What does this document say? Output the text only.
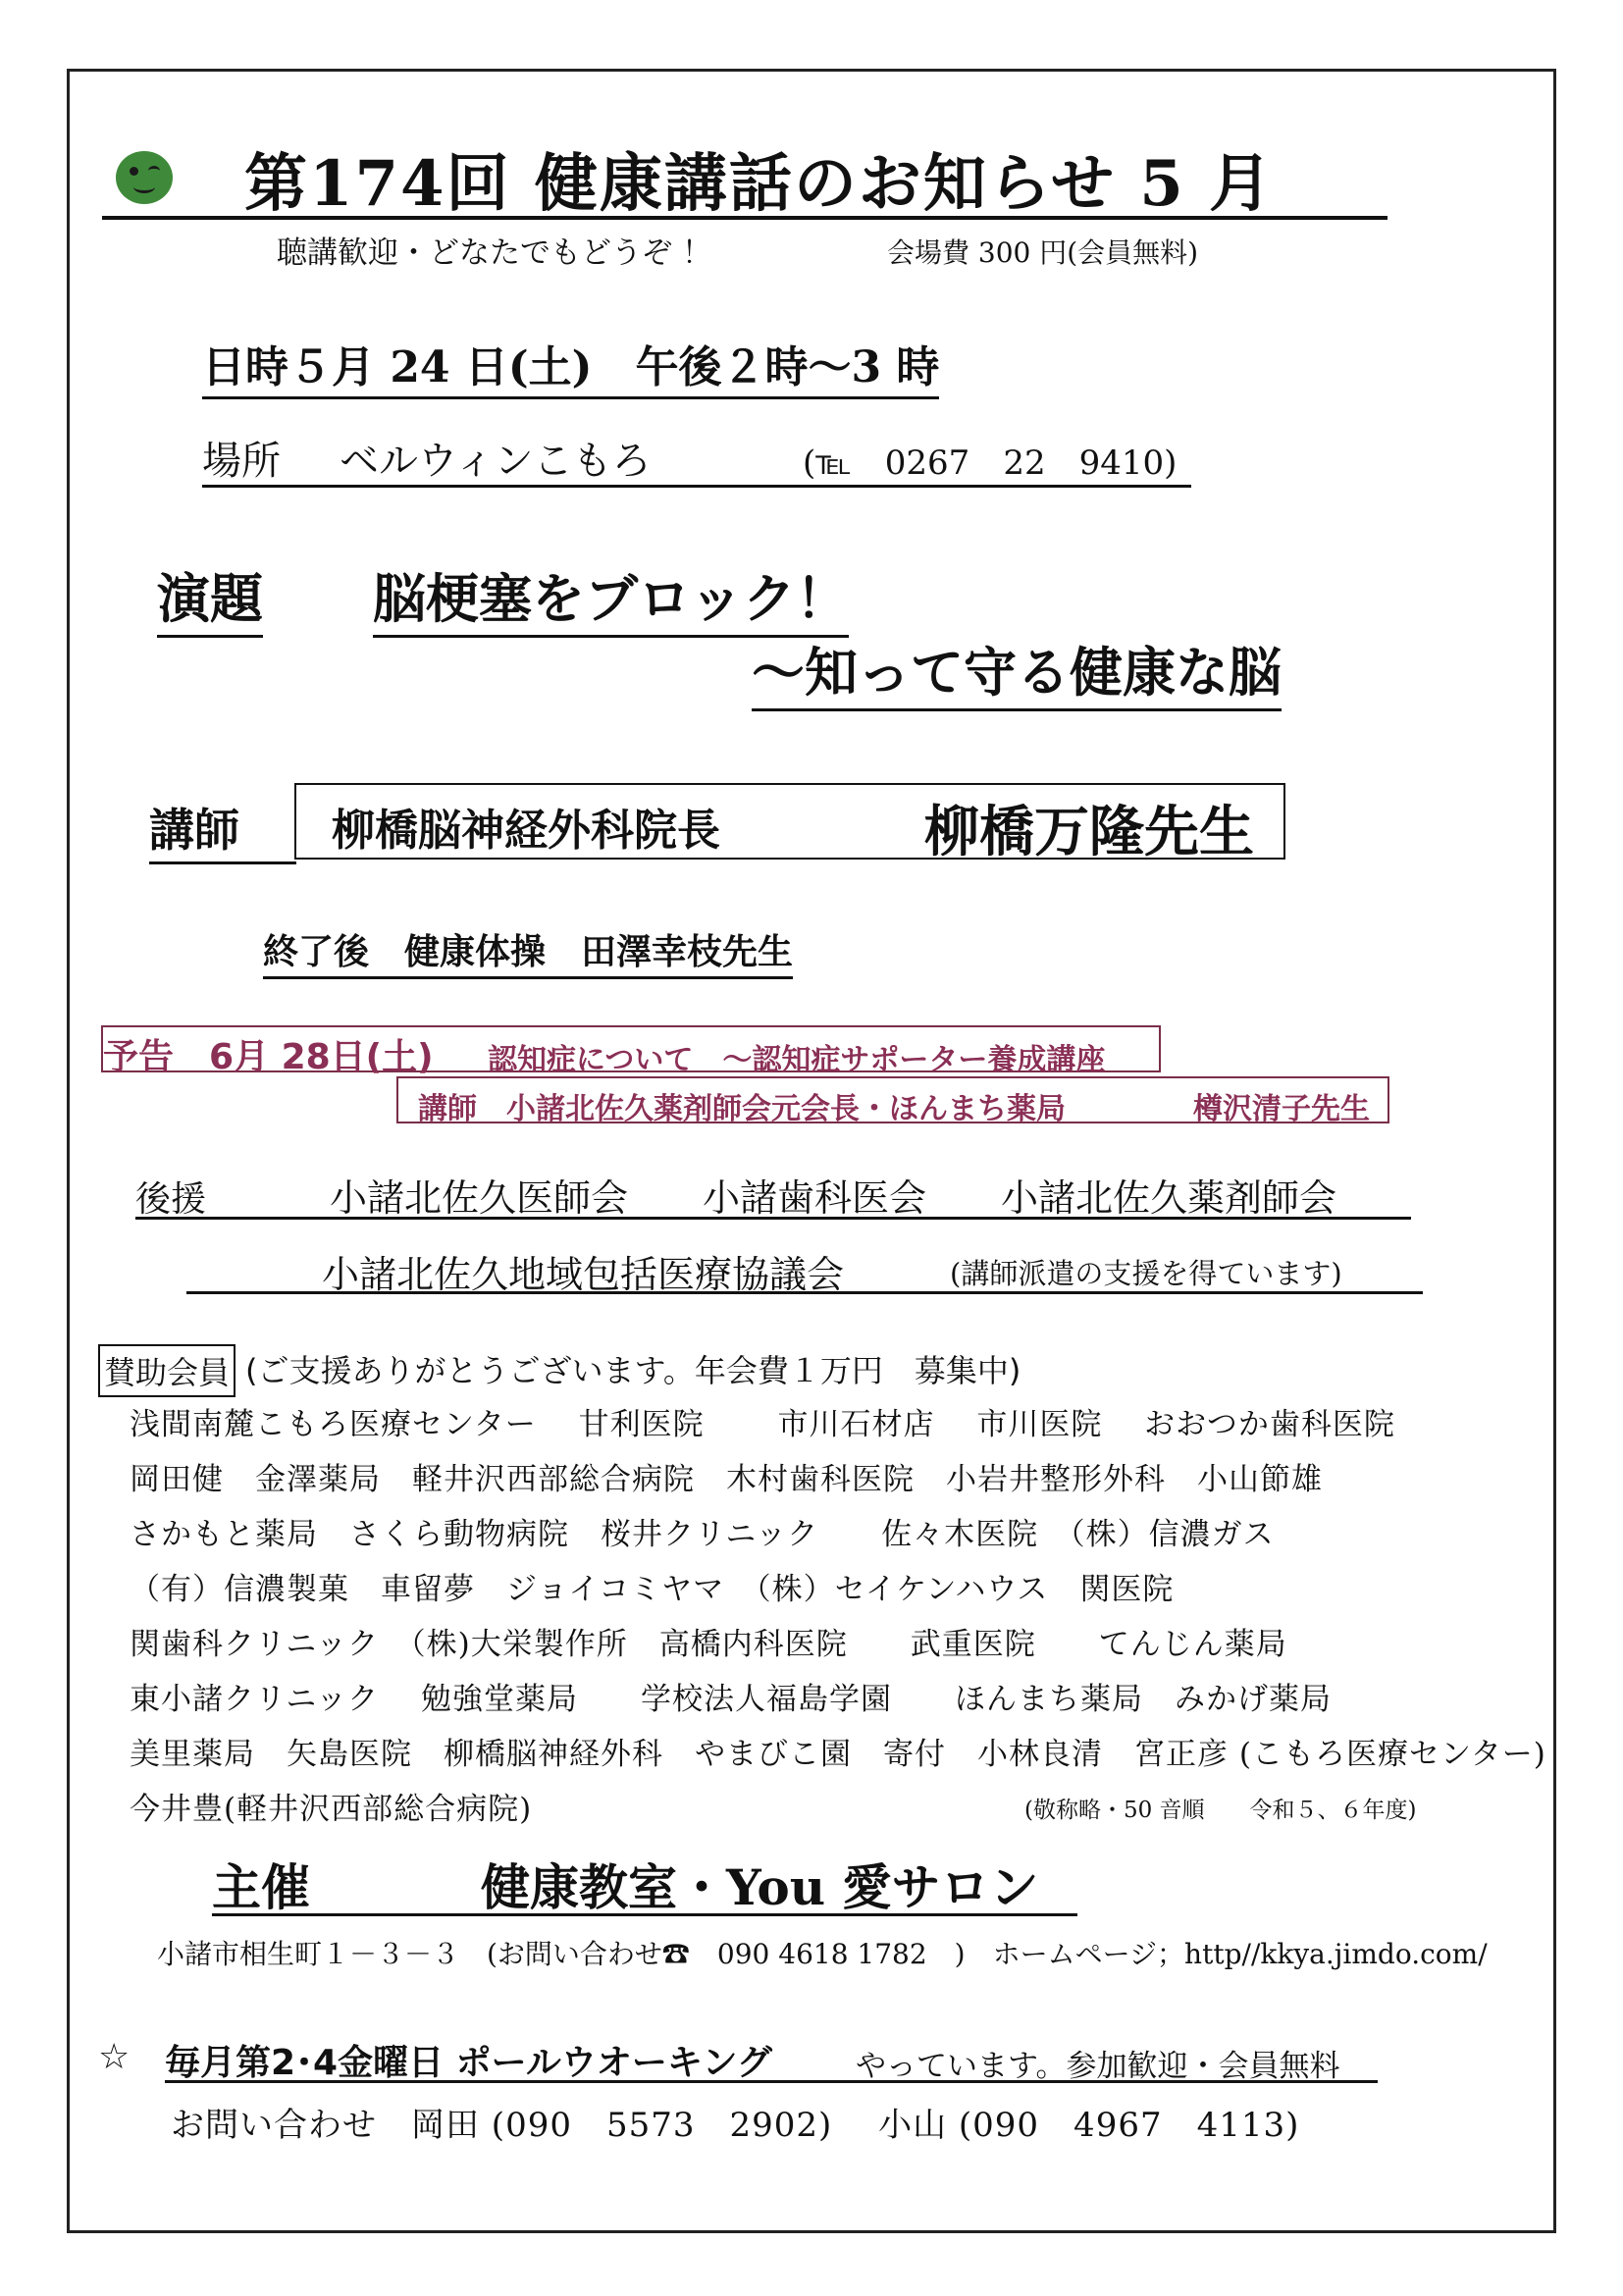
第174回 健康講話のお知らせ 5 月
聴講歓迎・どなたでもどうぞ ！	会場費 300 円(会員無料)
日時５月 24 日(土)　午後２時～3 時
場所 ベルウィンこもろ	(℡　0267　22　9410)
演題 脳梗塞をブロック！
～知って守る健康な脳
講師	柳橋脳神経外科院長	柳橋万隆先生
終了後　健康体操　田澤幸枝先生
予告　6月 28日(土) 認知症について　～認知症サポーター養成講座
講師　小諸北佐久薬剤師会元会長・ほんまち薬局	樽沢清子先生
後援	小諸北佐久医師会　　小諸歯科医会　　小諸北佐久薬剤師会
小諸北佐久地域包括医療協議会	(講師派遣の支援を得ています)
賛助会員 (ご支援ありがとうございます。年会費１万円　募集中)
浅間南麓こもろ医療センター　 甘利医院　　 市川石材店　 市川医院　 おおつか歯科医院
岡田健　金澤薬局　軽井沢西部総合病院　木村歯科医院　小岩井整形外科　小山節雄
さかもと薬局　さくら動物病院　桜井クリニック　　佐々木医院　（株）信濃ガス
（有）信濃製菓　車留夢　ジョイコミヤマ　（株）セイケンハウス　関医院
関歯科クリニック　（株)大栄製作所　高橋内科医院　　武重医院　　てんじん薬局
東小諸クリニック　 勉強堂薬局　　学校法人福島学園　　ほんまち薬局　みかげ薬局
美里薬局　矢島医院　柳橋脳神経外科　やまびこ園　寄付　小林良清　宮正彦 (こもろ医療センター)
今井豊(軽井沢西部総合病院)	(敬称略・50 音順　　令和５、６年度)
主催	健康教室・You 愛サロン
小諸市相生町１－３－３　(お問い合わせ☎　090 4618 1782　)　ホームページ；http//kkya.jimdo.com/
☆ 毎月第2･4金曜日 ポールウオーキング	やっています。参加歓迎・会員無料
お問い合わせ　岡田 (090　5573　2902)　 小山 (090　4967　4113)
